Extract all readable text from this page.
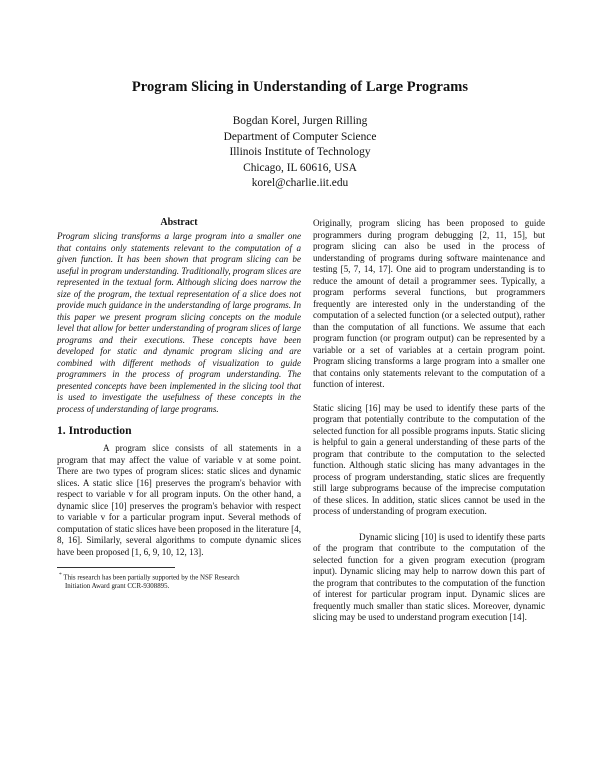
Program Slicing in Understanding of Large Programs
Bogdan Korel, Jurgen Rilling
Department of Computer Science
Illinois Institute of Technology
Chicago, IL 60616, USA
korel@charlie.iit.edu
Abstract

Program slicing transforms a large program into a smaller one that contains only statements relevant to the computation of a given function. It has been shown that program slicing can be useful in program understanding. Traditionally, program slices are represented in the textual form. Although slicing does narrow the size of the program, the textual representation of a slice does not provide much guidance in the understanding of large programs. In this paper we present program slicing concepts on the module level that allow for better understanding of program slices of large programs and their executions. These concepts have been developed for static and dynamic program slicing and are combined with different methods of visualization to guide programmers in the process of program understanding. The presented concepts have been implemented in the slicing tool that is used to investigate the usefulness of these concepts in the process of understanding of large programs.

1. Introduction

A program slice consists of all statements in a program that may affect the value of variable v at some point. There are two types of program slices: static slices and dynamic slices. A static slice [16] preserves the program's behavior with respect to variable v for all program inputs. On the other hand, a dynamic slice [10] preserves the program's behavior with respect to variable v for a particular program input. Several methods of computation of static slices have been proposed in the literature [4, 8, 16]. Similarly, several algorithms to compute dynamic slices have been proposed [1, 6, 9, 10, 12, 13].

* This research has been partially supported by the NSF Research
Initiation Award grant CCR-9308895.

Originally, program slicing has been proposed to guide programmers during program debugging [2, 11, 15], but program slicing can also be used in the process of understanding of programs during software maintenance and testing [5, 7, 14, 17]. One aid to program understanding is to reduce the amount of detail a programmer sees. Typically, a program performs several functions, but programmers frequently are interested only in the understanding of the computation of a selected function (or a selected output), rather than the computation of all functions. We assume that each program function (or program output) can be represented by a variable or a set of variables at a certain program point. Program slicing transforms a large program into a smaller one that contains only statements relevant to the computation of a function of interest.

Static slicing [16] may be used to identify these parts of the program that potentially contribute to the computation of the selected function for all possible programs inputs. Static slicing is helpful to gain a general understanding of these parts of the program that contribute to the computation to the selected function. Although static slicing has many advantages in the process of program understanding, static slices are frequently still large subprograms because of the imprecise computation of these slices. In addition, static slices cannot be used in the process of understanding of program execution.

Dynamic slicing [10] is used to identify these parts of the program that contribute to the computation of the selected function for a given program execution (program input). Dynamic slicing may help to narrow down this part of the program that contributes to the computation of the function of interest for particular program input. Dynamic slices are frequently much smaller than static slices. Moreover, dynamic slicing may be used to understand program execution [14].
